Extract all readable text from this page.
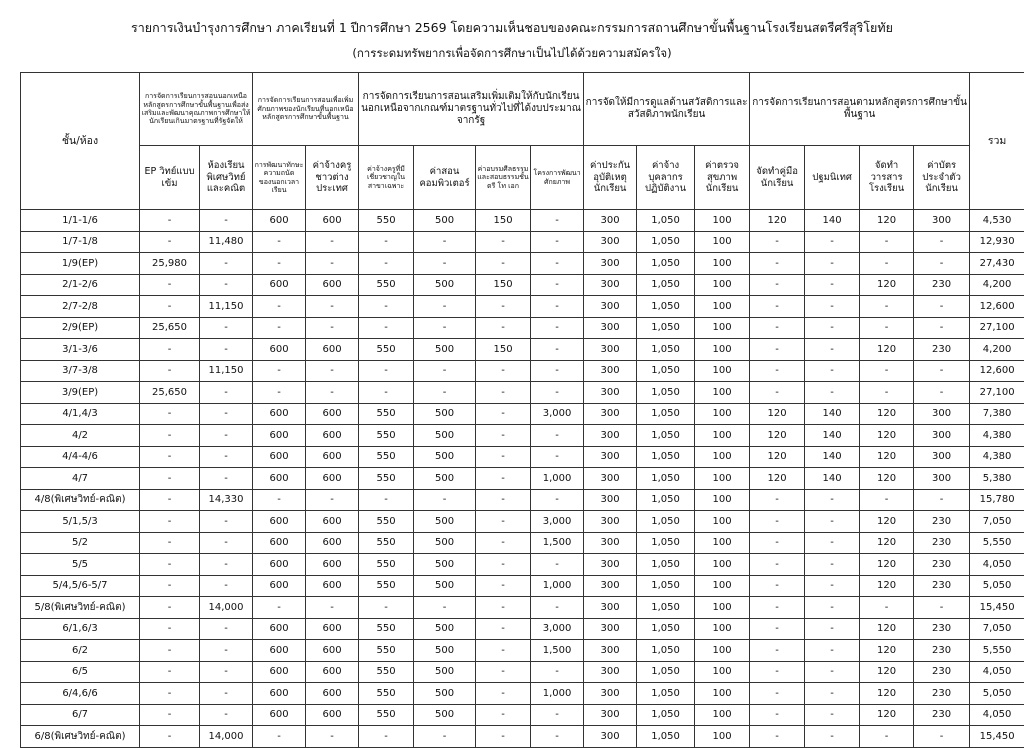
รายการเงินบำรุงการศึกษา ภาคเรียนที่ 1 ปีการศึกษา 2569 โดยความเห็นชอบของคณะกรรมการสถานศึกษาขั้นพื้นฐานโรงเรียนสตรีศรีสุริโยทัย
(การระดมทรัพยากรเพื่อจัดการศึกษาเป็นไปได้ด้วยความสมัครใจ)
ชั้น/ห้อง	การจัดการเรียนการสอนนอกเหนือหลักสูตรการศึกษาขั้นพื้นฐานเพื่อส่งเสริมและพัฒนาคุณภาพการศึกษาให้นักเรียนเกินมาตรฐานที่รัฐจัดให้		การจัดการเรียนการสอนเพื่อเพิ่มศักยภาพของนักเรียนที่นอกเหนือหลักสูตรการศึกษาขั้นพื้นฐาน		การจัดการเรียนการสอนเสริมเพิ่มเติมให้กับนักเรียนนอกเหนือจากเกณฑ์มาตรฐานทั่วไปที่ได้งบประมาณจากรัฐ				การจัดให้มีการดูแลด้านสวัสดิการและสวัสดิภาพนักเรียน			การจัดการเรียนการสอนตามหลักสูตรการศึกษาขั้นพื้นฐาน				รวม
	EP วิทย์แบบเข้ม	ห้องเรียนพิเศษวิทย์และคณิต	การพัฒนาทักษะความถนัดของนอกเวลาเรียน	ค่าจ้างครูชาวต่างประเทศ	ค่าจ้างครูที่มีเชี่ยวชาญในสาขาเฉพาะ	ค่าสอนคอมพิวเตอร์	ค่าอบรมศีลธรรมและสอบธรรมชั้น ตรี โท เอก	โครงการพัฒนาศักยภาพ	ค่าประกันอุบัติเหตุนักเรียน	ค่าจ้างบุคลากรปฏิบัติงาน	ค่าตรวจสุขภาพนักเรียน	จัดทำคู่มือนักเรียน	ปฐมนิเทศ	จัดทำวารสารโรงเรียน	ค่าบัตรประจำตัวนักเรียน	
1/1-1/6	-	-	600	600	550	500	150	-	300	1,050	100	120	140	120	300	4,530
1/7-1/8	-	11,480	-	-	-	-	-	-	300	1,050	100	-	-	-	-	12,930
1/9(EP)	25,980	-	-	-	-	-	-	-	300	1,050	100	-	-	-	-	27,430
2/1-2/6	-	-	600	600	550	500	150	-	300	1,050	100	-	-	120	230	4,200
2/7-2/8	-	11,150	-	-	-	-	-	-	300	1,050	100	-	-	-	-	12,600
2/9(EP)	25,650	-	-	-	-	-	-	-	300	1,050	100	-	-	-	-	27,100
3/1-3/6	-	-	600	600	550	500	150	-	300	1,050	100	-	-	120	230	4,200
3/7-3/8	-	11,150	-	-	-	-	-	-	300	1,050	100	-	-	-	-	12,600
3/9(EP)	25,650	-	-	-	-	-	-	-	300	1,050	100	-	-	-	-	27,100
4/1,4/3	-	-	600	600	550	500	-	3,000	300	1,050	100	120	140	120	300	7,380
4/2	-	-	600	600	550	500	-	-	300	1,050	100	120	140	120	300	4,380
4/4-4/6	-	-	600	600	550	500	-	-	300	1,050	100	120	140	120	300	4,380
4/7	-	-	600	600	550	500	-	1,000	300	1,050	100	120	140	120	300	5,380
4/8(พิเศษวิทย์-คณิต)	-	14,330	-	-	-	-	-	-	300	1,050	100	-	-	-	-	15,780
5/1,5/3	-	-	600	600	550	500	-	3,000	300	1,050	100	-	-	120	230	7,050
5/2	-	-	600	600	550	500	-	1,500	300	1,050	100	-	-	120	230	5,550
5/5	-	-	600	600	550	500	-	-	300	1,050	100	-	-	120	230	4,050
5/4,5/6-5/7	-	-	600	600	550	500	-	1,000	300	1,050	100	-	-	120	230	5,050
5/8(พิเศษวิทย์-คณิต)	-	14,000	-	-	-	-	-	-	300	1,050	100	-	-	-	-	15,450
6/1,6/3	-	-	600	600	550	500	-	3,000	300	1,050	100	-	-	120	230	7,050
6/2	-	-	600	600	550	500	-	1,500	300	1,050	100	-	-	120	230	5,550
6/5	-	-	600	600	550	500	-	-	300	1,050	100	-	-	120	230	4,050
6/4,6/6	-	-	600	600	550	500	-	1,000	300	1,050	100	-	-	120	230	5,050
6/7	-	-	600	600	550	500	-	-	300	1,050	100	-	-	120	230	4,050
6/8(พิเศษวิทย์-คณิต)	-	14,000	-	-	-	-	-	-	300	1,050	100	-	-	-	-	15,450
